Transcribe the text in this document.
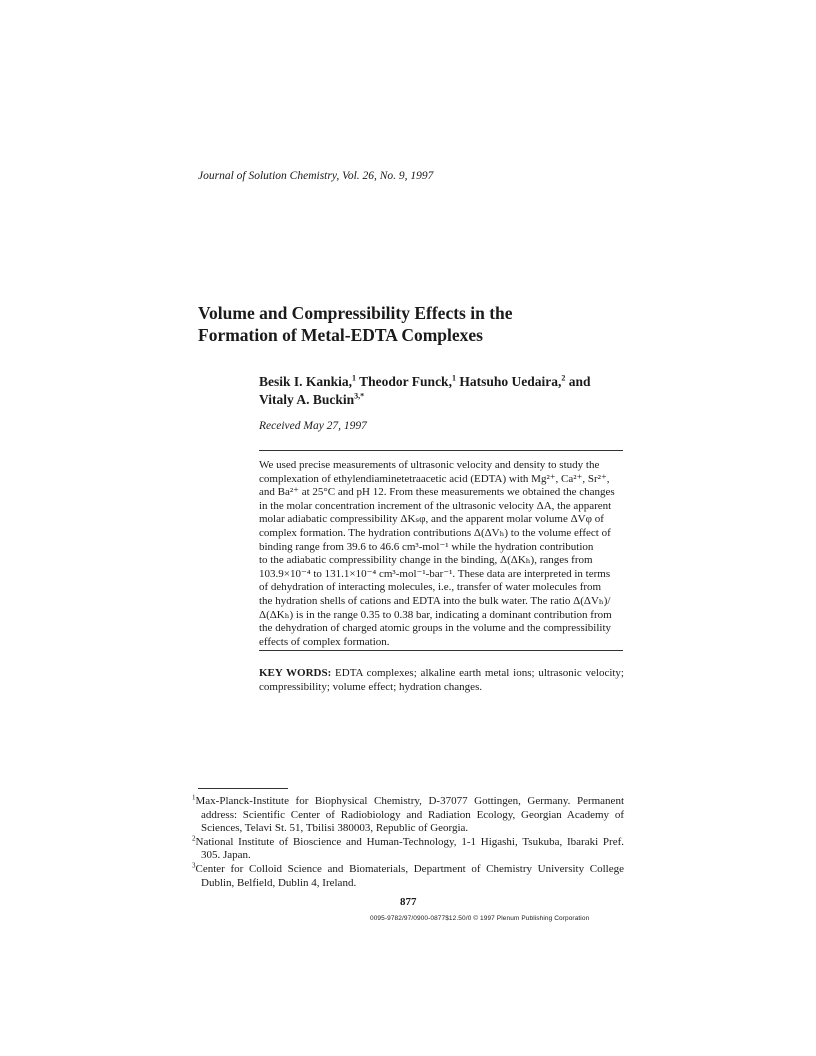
Journal of Solution Chemistry, Vol. 26, No. 9, 1997
Volume and Compressibility Effects in the
Formation of Metal-EDTA Complexes
Besik I. Kankia,$^1$ Theodor Funck,$^1$ Hatsuho Uedaira,$^2$ and
Vitaly A. Buckin$^{3,*}$
Received May 27, 1997

We used precise measurements of ultrasonic velocity and density to study the

complexation of ethylendiaminetetraacetic acid (EDTA) with Mg²⁺, Ca²⁺, Sr²⁺,

and Ba²⁺ at 25°C and pH 12. From these measurements we obtained the changes

in the molar concentration increment of the ultrasonic velocity ΔA, the apparent

molar adiabatic compressibility ΔKₛφ, and the apparent molar volume ΔVφ of

complex formation. The hydration contributions Δ(ΔVₕ) to the volume effect of

binding range from 39.6 to 46.6 cm³-mol⁻¹ while the hydration contribution

to the adiabatic compressibility change in the binding, Δ(ΔKₕ), ranges from

103.9×10⁻⁴ to 131.1×10⁻⁴ cm³-mol⁻¹-bar⁻¹. These data are interpreted in terms

of dehydration of interacting molecules, i.e., transfer of water molecules from

the hydration shells of cations and EDTA into the bulk water. The ratio Δ(ΔVₕ)/

Δ(ΔKₕ) is in the range 0.35 to 0.38 bar, indicating a dominant contribution from

the dehydration of charged atomic groups in the volume and the compressibility

effects of complex formation.

KEY WORDS: EDTA complexes; alkaline earth metal ions; ultrasonic velocity; compressibility; volume effect; hydration changes.

$^1$Max-Planck-Institute for Biophysical Chemistry, D-37077 Gottingen, Germany. Permanent address: Scientific Center of Radiobiology and Radiation Ecology, Georgian Academy of Sciences, Telavi St. 51, Tbilisi 380003, Republic of Georgia.

$^2$National Institute of Bioscience and Human-Technology, 1-1 Higashi, Tsukuba, Ibaraki Pref. 305. Japan.

$^3$Center for Colloid Science and Biomaterials, Department of Chemistry University College Dublin, Belfield, Dublin 4, Ireland.

877
0095-9782/97/0900-0877$12.50/0 © 1997 Plenum Publishing Corporation
